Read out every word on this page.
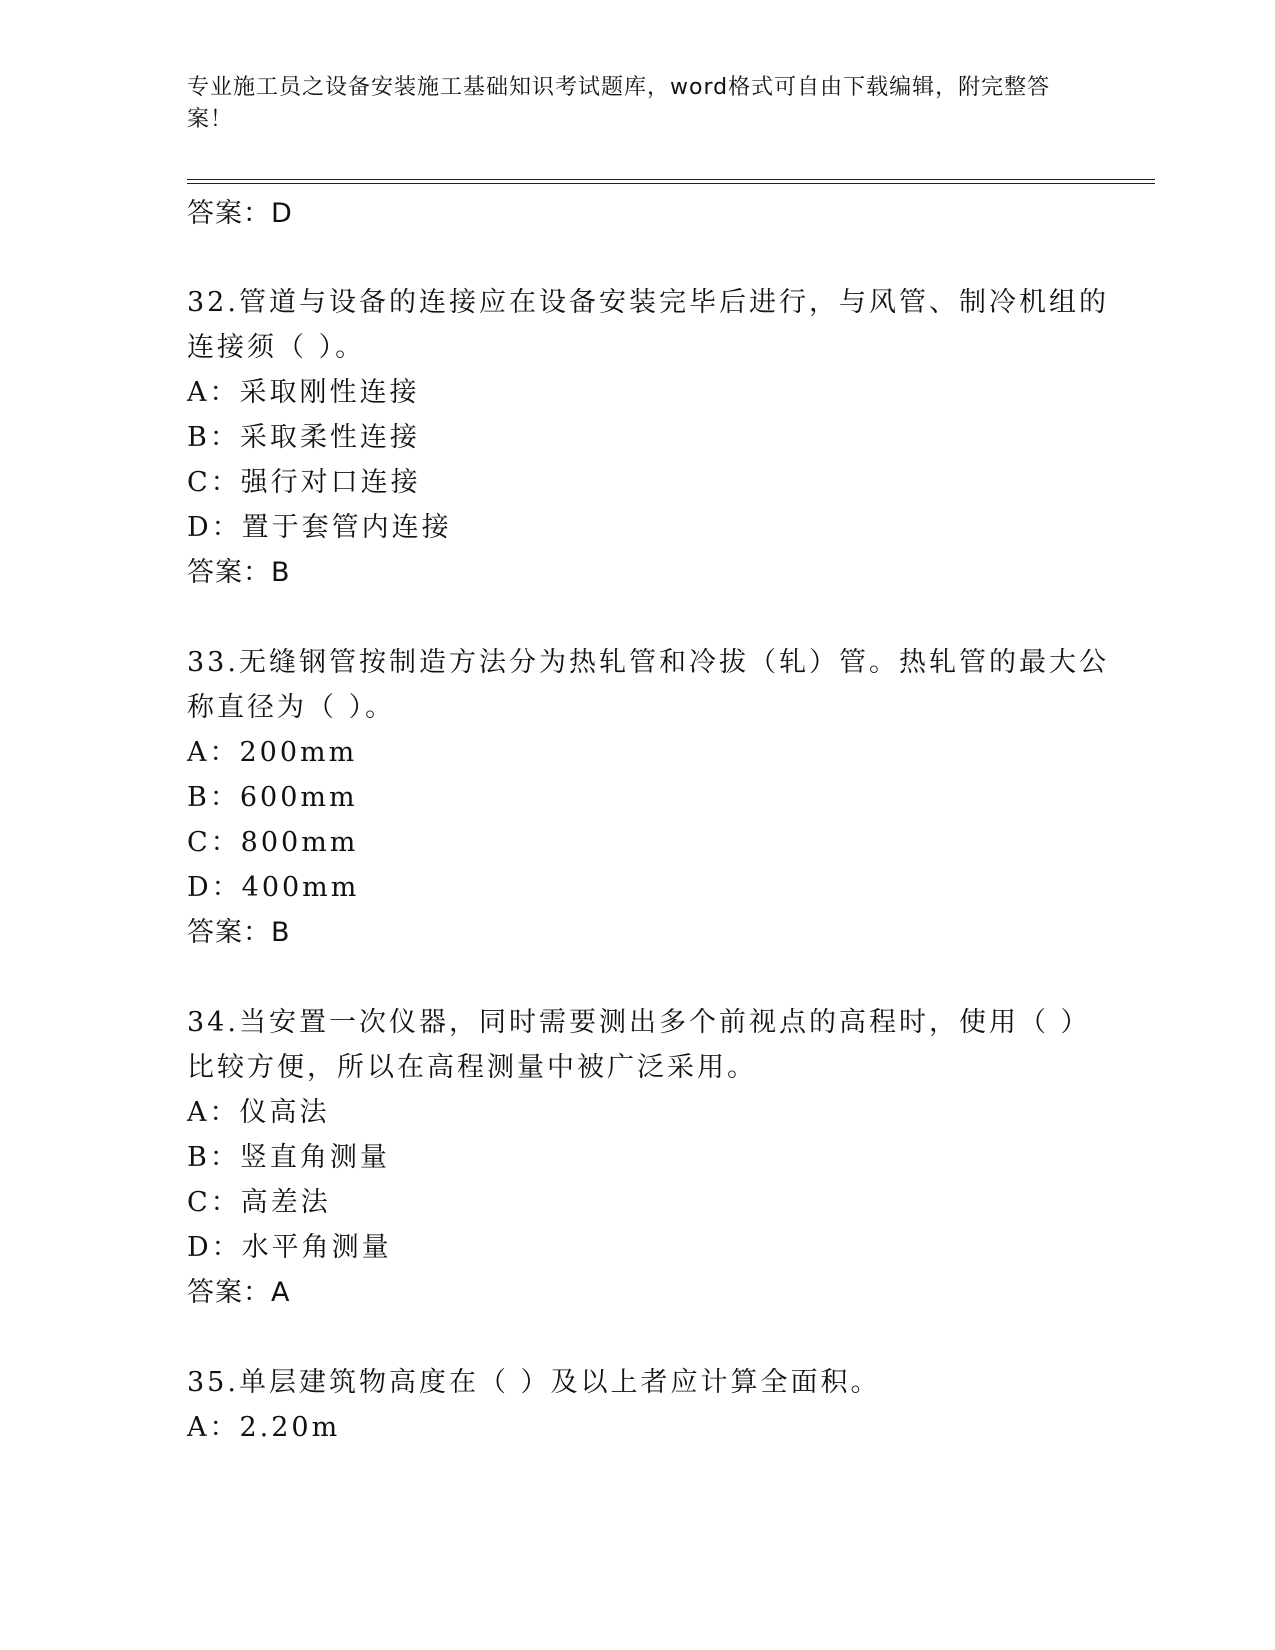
专业施工员之设备安装施工基础知识考试题库，word格式可自由下载编辑，附完整答案！
答案：D
32.管道与设备的连接应在设备安装完毕后进行，与风管、制冷机组的
连接须（ ）。
A：采取刚性连接
B：采取柔性连接
C：强行对口连接
D：置于套管内连接
答案：B
33.无缝钢管按制造方法分为热轧管和冷拔（轧）管。热轧管的最大公
称直径为（ ）。
A：200mm
B：600mm
C：800mm
D：400mm
答案：B
34.当安置一次仪器，同时需要测出多个前视点的高程时，使用（ ）
比较方便，所以在高程测量中被广泛采用。
A：仪高法
B：竖直角测量
C：高差法
D：水平角测量
答案：A
35.单层建筑物高度在（ ）及以上者应计算全面积。
A：2.20m
